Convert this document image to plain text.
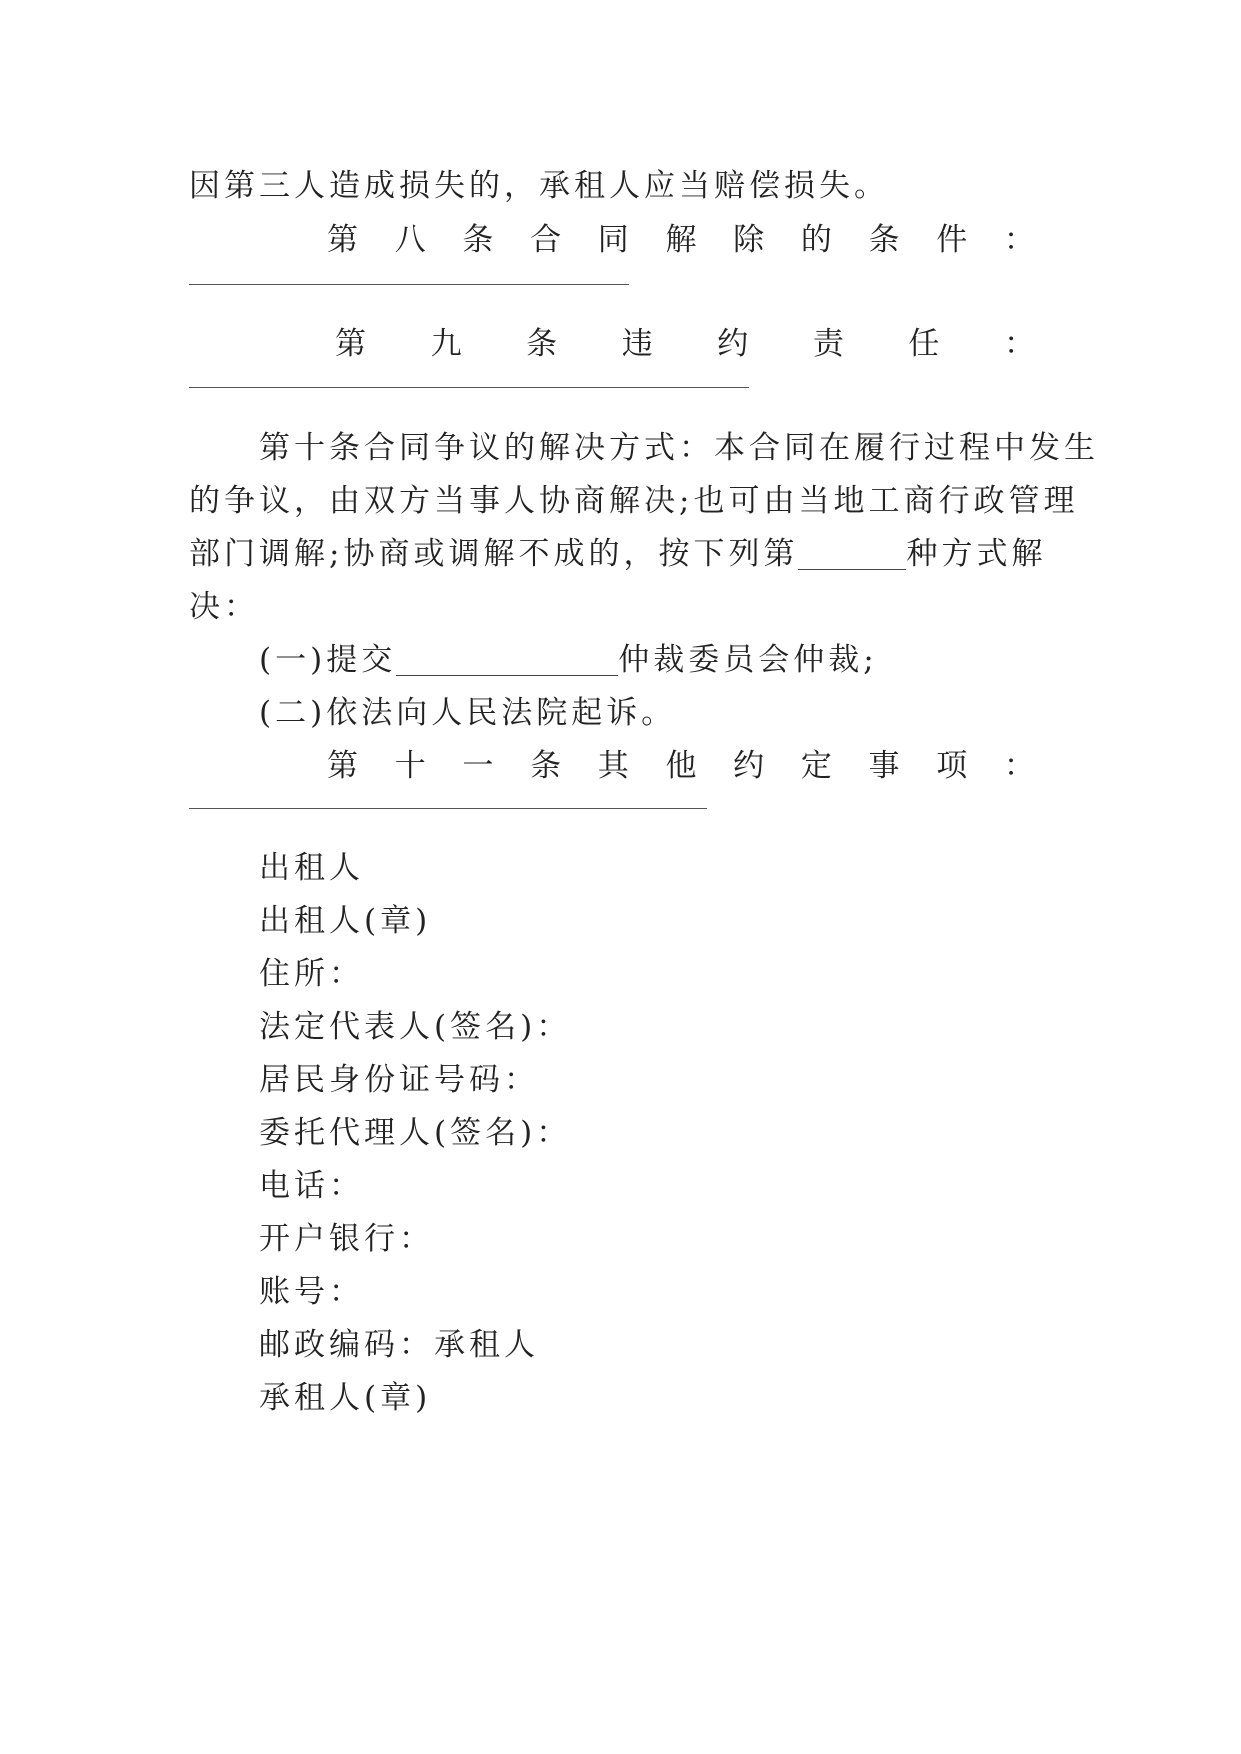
因第三人造成损失的，承租人应当赔偿损失。
第 八 条 合 同 解 除 的 条 件 ：
第 九 条 违 约 责 任 ：
第十条合同争议的解决方式：本合同在履行过程中发生
的争议，由双方当事人协商解决;也可由当地工商行政管理
部门调解;协商或调解不成的，按下列第	种方式解
决：
(一)提交	仲裁委员会仲裁;
(二)依法向人民法院起诉。
第 十 一 条 其 他 约 定 事 项 ：
出租人
出租人(章)
住所：
法定代表人(签名)：
居民身份证号码：
委托代理人(签名)：
电话：
开户银行：
账号：
邮政编码：承租人
承租人(章)
